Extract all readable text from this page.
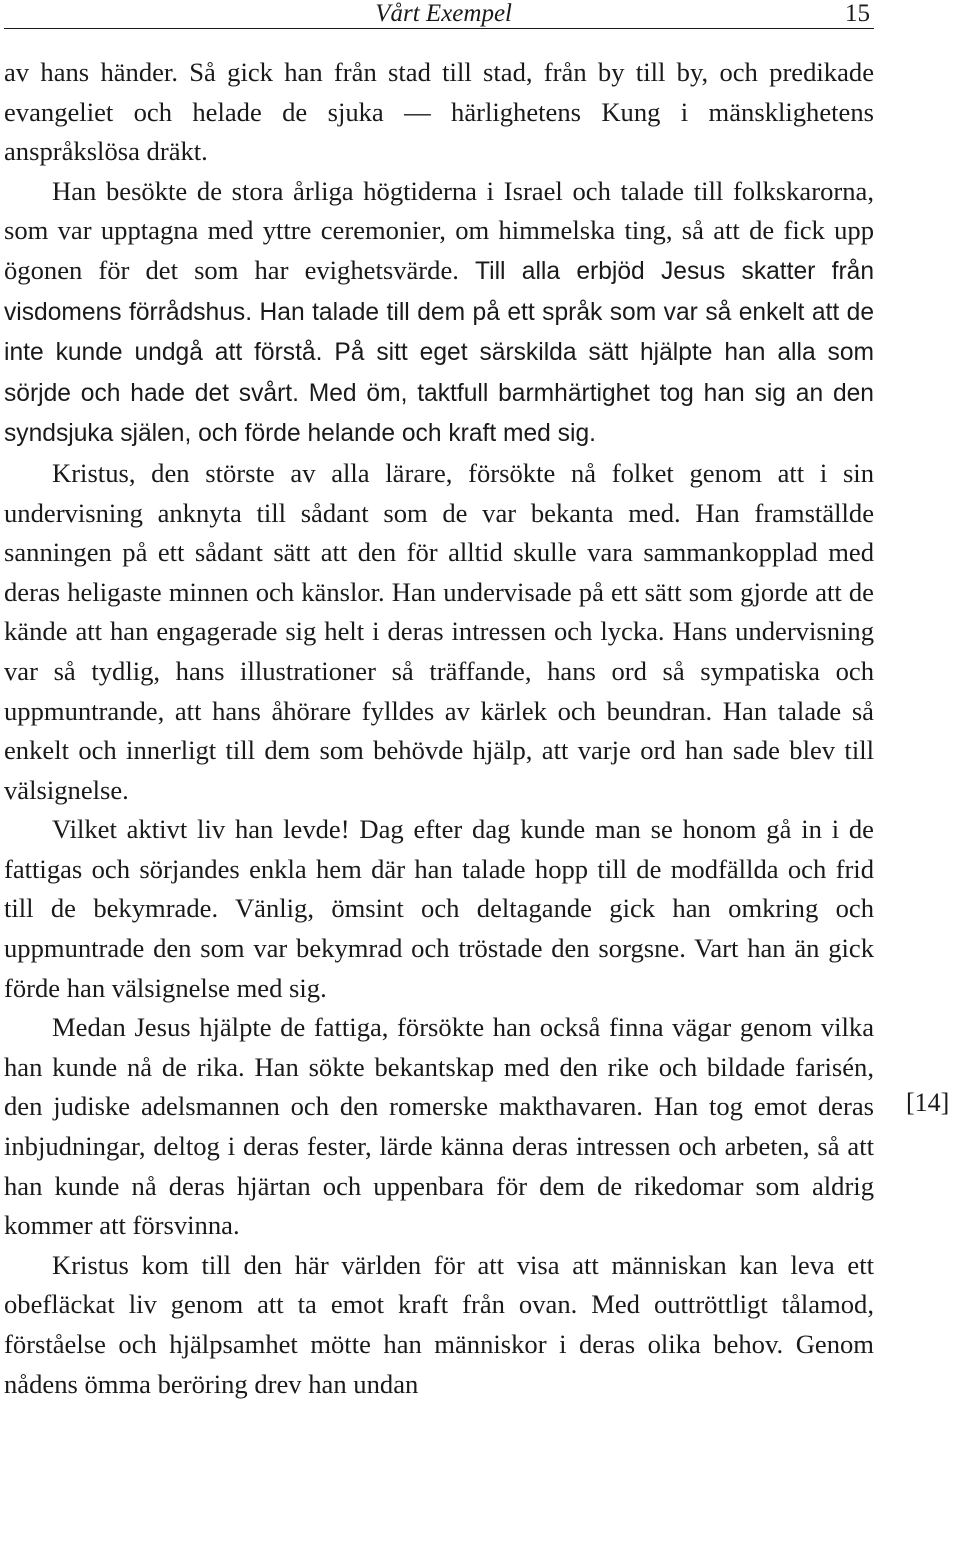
Vårt Exempel	15

av hans händer. Så gick han från stad till stad, från by till by, och predikade evangeliet och helade de sjuka — härlighetens Kung i mänsklighetens anspråkslösa dräkt.

Han besökte de stora årliga högtiderna i Israel och talade till folkskarorna, som var upptagna med yttre ceremonier, om himmelska ting, så att de fick upp ögonen för det som har evighetsvärde. Till alla erbjöd Jesus skatter från visdomens förrådshus. Han talade till dem på ett språk som var så enkelt att de inte kunde undgå att förstå. På sitt eget särskilda sätt hjälpte han alla som sörjde och hade det svårt. Med öm, taktfull barmhärtighet tog han sig an den syndsjuka själen, och förde helande och kraft med sig.

Kristus, den störste av alla lärare, försökte nå folket genom att i sin undervisning anknyta till sådant som de var bekanta med. Han framställde sanningen på ett sådant sätt att den för alltid skulle vara sammankopplad med deras heligaste minnen och känslor. Han undervisade på ett sätt som gjorde att de kände att han engagerade sig helt i deras intressen och lycka. Hans undervisning var så tydlig, hans illustrationer så träffande, hans ord så sympatiska och uppmuntrande, att hans åhörare fylldes av kärlek och beundran. Han talade så enkelt och innerligt till dem som behövde hjälp, att varje ord han sade blev till välsignelse.

Vilket aktivt liv han levde! Dag efter dag kunde man se honom gå in i de fattigas och sörjandes enkla hem där han talade hopp till de modfällda och frid till de bekymrade. Vänlig, ömsint och deltagande gick han omkring och uppmuntrade den som var bekymrad och tröstade den sorgsne. Vart han än gick förde han välsignelse med sig.

Medan Jesus hjälpte de fattiga, försökte han också finna vägar genom vilka han kunde nå de rika. Han sökte bekantskap med den rike och bildade farisén, den judiske adelsmannen och den romerske makthavaren. Han tog emot deras inbjudningar, deltog i deras fester, lärde känna deras intressen och arbeten, så att han kunde nå deras hjärtan och uppenbara för dem de rikedomar som aldrig kommer att försvinna.

Kristus kom till den här världen för att visa att människan kan leva ett obefläckat liv genom att ta emot kraft från ovan. Med outtröttligt tålamod, förståelse och hjälpsamhet mötte han människor i deras olika behov. Genom nådens ömma beröring drev han undan

[14]
